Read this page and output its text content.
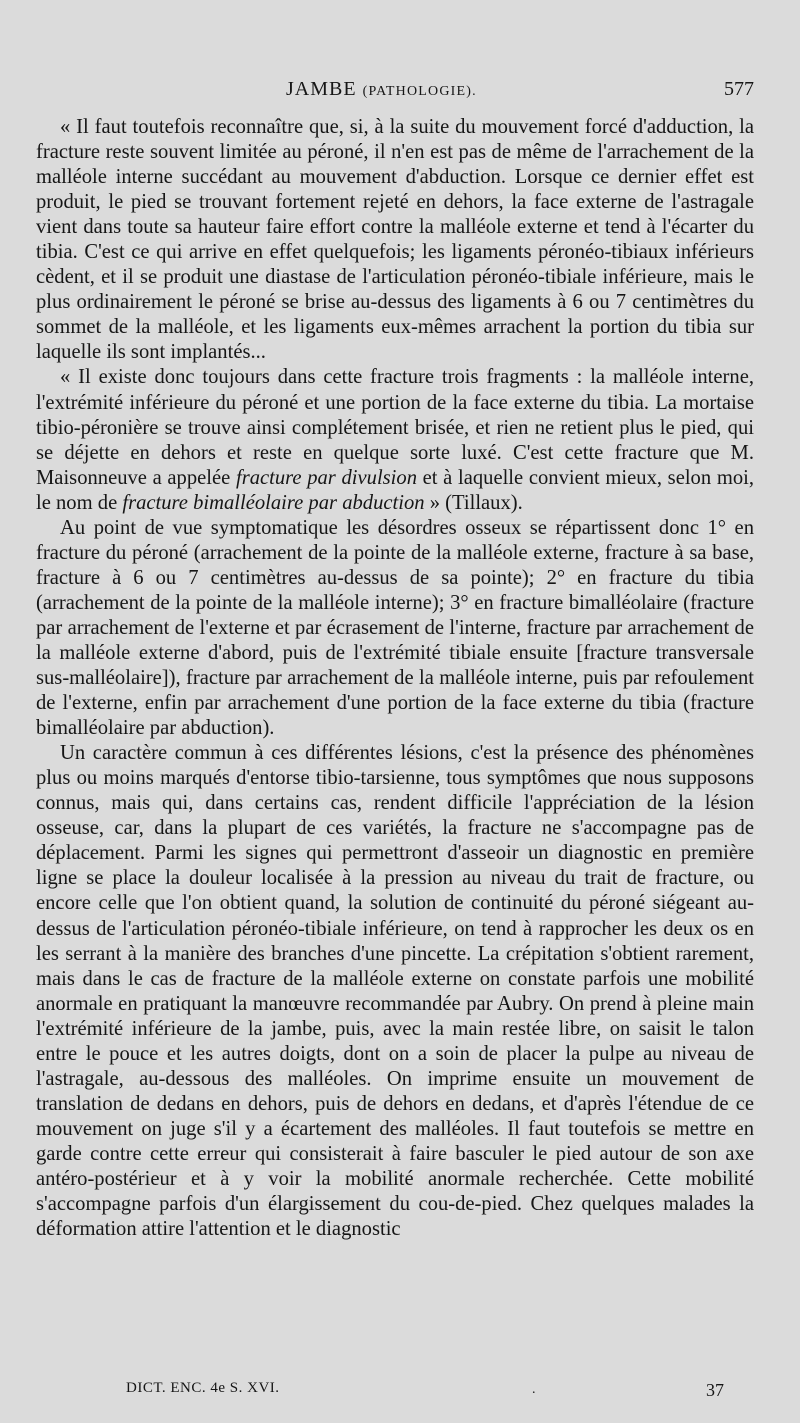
JAMBE (PATHOLOGIE).	577

« Il faut toutefois reconnaître que, si, à la suite du mouvement forcé d'adduction, la fracture reste souvent limitée au péroné, il n'en est pas de même de l'arrachement de la malléole interne succédant au mouvement d'abduction. Lorsque ce dernier effet est produit, le pied se trouvant fortement rejeté en dehors, la face externe de l'astragale vient dans toute sa hauteur faire effort contre la malléole externe et tend à l'écarter du tibia. C'est ce qui arrive en effet quelquefois; les ligaments péronéo-tibiaux inférieurs cèdent, et il se produit une diastase de l'articulation péronéo-tibiale inférieure, mais le plus ordinairement le péroné se brise au-dessus des ligaments à 6 ou 7 centimètres du sommet de la malléole, et les ligaments eux-mêmes arrachent la portion du tibia sur laquelle ils sont implantés...

« Il existe donc toujours dans cette fracture trois fragments : la malléole interne, l'extrémité inférieure du péroné et une portion de la face externe du tibia. La mortaise tibio-péronière se trouve ainsi complétement brisée, et rien ne retient plus le pied, qui se déjette en dehors et reste en quelque sorte luxé. C'est cette fracture que M. Maisonneuve a appelée fracture par divulsion et à laquelle convient mieux, selon moi, le nom de fracture bimalléolaire par abduction » (Tillaux).

Au point de vue symptomatique les désordres osseux se répartissent donc 1° en fracture du péroné (arrachement de la pointe de la malléole externe, fracture à sa base, fracture à 6 ou 7 centimètres au-dessus de sa pointe); 2° en fracture du tibia (arrachement de la pointe de la malléole interne); 3° en fracture bimalléolaire (fracture par arrachement de l'externe et par écrasement de l'interne, fracture par arrachement de la malléole externe d'abord, puis de l'extrémité tibiale ensuite [fracture transversale sus-malléolaire]), fracture par arrachement de la malléole interne, puis par refoulement de l'externe, enfin par arrachement d'une portion de la face externe du tibia (fracture bimalléolaire par abduction).

Un caractère commun à ces différentes lésions, c'est la présence des phénomènes plus ou moins marqués d'entorse tibio-tarsienne, tous symptômes que nous supposons connus, mais qui, dans certains cas, rendent difficile l'appréciation de la lésion osseuse, car, dans la plupart de ces variétés, la fracture ne s'accompagne pas de déplacement. Parmi les signes qui permettront d'asseoir un diagnostic en première ligne se place la douleur localisée à la pression au niveau du trait de fracture, ou encore celle que l'on obtient quand, la solution de continuité du péroné siégeant au-dessus de l'articulation péronéo-tibiale inférieure, on tend à rapprocher les deux os en les serrant à la manière des branches d'une pincette. La crépitation s'obtient rarement, mais dans le cas de fracture de la malléole externe on constate parfois une mobilité anormale en pratiquant la manœuvre recommandée par Aubry. On prend à pleine main l'extrémité inférieure de la jambe, puis, avec la main restée libre, on saisit le talon entre le pouce et les autres doigts, dont on a soin de placer la pulpe au niveau de l'astragale, au-dessous des malléoles. On imprime ensuite un mouvement de translation de dedans en dehors, puis de dehors en dedans, et d'après l'étendue de ce mouvement on juge s'il y a écartement des malléoles. Il faut toutefois se mettre en garde contre cette erreur qui consisterait à faire basculer le pied autour de son axe antéro-postérieur et à y voir la mobilité anormale recherchée. Cette mobilité s'accompagne parfois d'un élargissement du cou-de-pied. Chez quelques malades la déformation attire l'attention et le diagnostic

DICT. ENC. 4e S. XVI.	.	37
